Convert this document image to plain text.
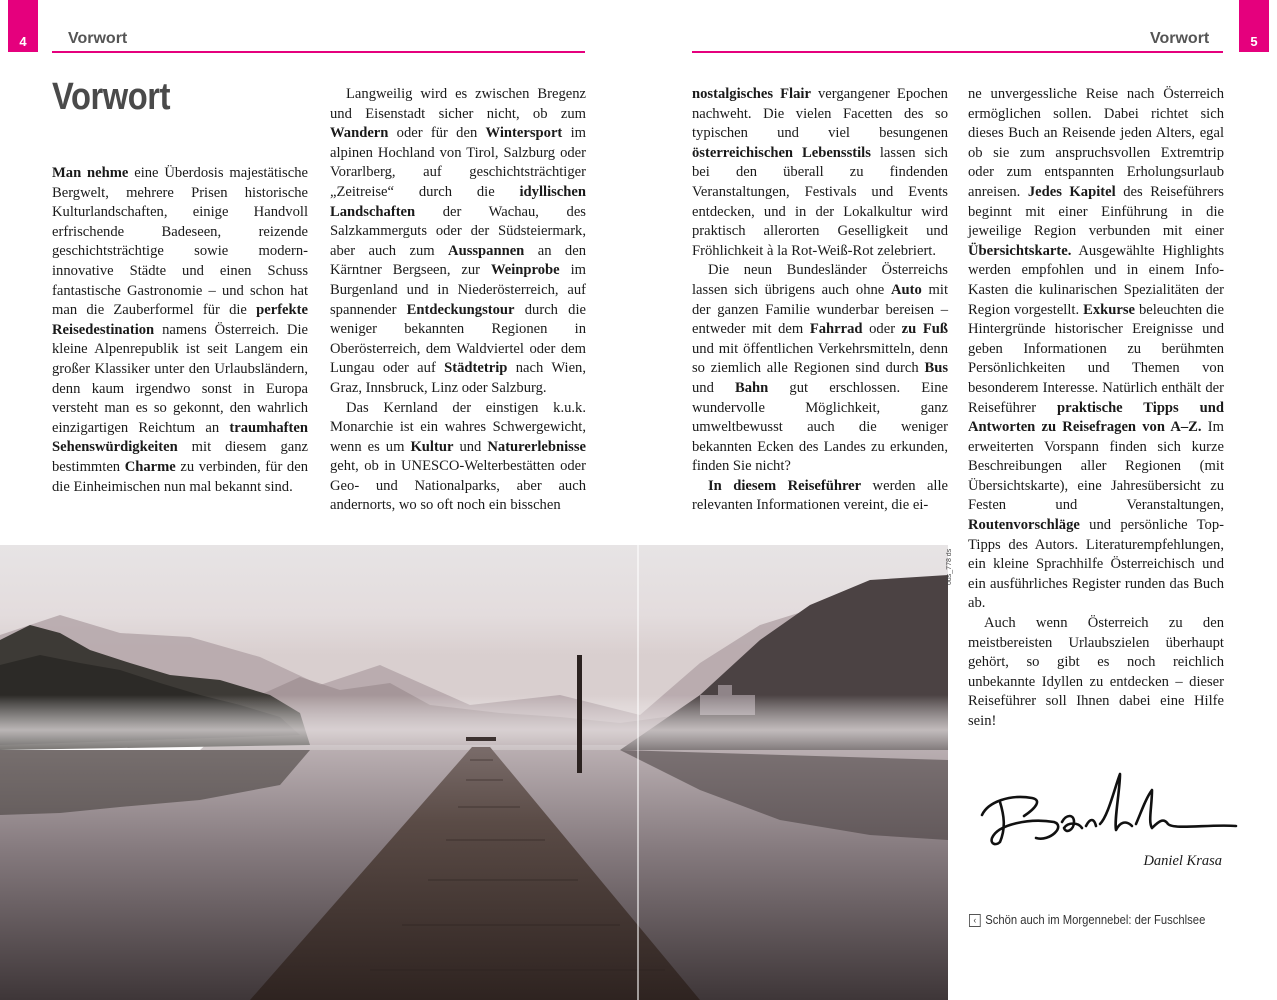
4	Vorwort	Vorwort	5
Vorwort

Man nehme eine Überdosis majestätische Bergwelt, mehrere Prisen historische Kulturlandschaften, einige Handvoll erfrischende Badeseen, reizende geschichtsträchtige sowie modern-innovative Städte und einen Schuss fantastische Gastronomie – und schon hat man die Zauberformel für die perfekte Reisedestination namens Österreich. Die kleine Alpenrepublik ist seit Langem ein großer Klassiker unter den Urlaubsländern, denn kaum irgendwo sonst in Europa versteht man es so gekonnt, den wahrlich einzigartigen Reichtum an traumhaften Sehenswürdigkeiten mit diesem ganz bestimmten Charme zu verbinden, für den die Einheimischen nun mal bekannt sind.

Langweilig wird es zwischen Bregenz und Eisenstadt sicher nicht, ob zum Wandern oder für den Wintersport im alpinen Hochland von Tirol, Salzburg oder Vorarlberg, auf geschichtsträchtiger „Zeitreise“ durch die idyllischen Landschaften der Wachau, des Salzkammerguts oder der Südsteiermark, aber auch zum Ausspannen an den Kärntner Bergseen, zur Weinprobe im Burgenland und in Niederösterreich, auf spannender Entdeckungstour durch die weniger bekannten Regionen in Oberösterreich, dem Waldviertel oder dem Lungau oder auf Städtetrip nach Wien, Graz, Innsbruck, Linz oder Salzburg.

Das Kernland der einstigen k.u.k. Monarchie ist ein wahres Schwergewicht, wenn es um Kultur und Naturerlebnisse geht, ob in UNESCO-Welterbestätten oder Geo- und Nationalparks, aber auch andernorts, wo so oft noch ein bisschen

nostalgisches Flair vergangener Epochen nachweht. Die vielen Facetten des so typischen und viel besungenen österreichischen Lebensstils lassen sich bei den überall zu findenden Veranstaltungen, Festivals und Events entdecken, und in der Lokalkultur wird praktisch allerorten Geselligkeit und Fröhlichkeit à la Rot-Weiß-Rot zelebriert.

Die neun Bundesländer Österreichs lassen sich übrigens auch ohne Auto mit der ganzen Familie wunderbar bereisen – entweder mit dem Fahrrad oder zu Fuß und mit öffentlichen Verkehrsmitteln, denn so ziemlich alle Regionen sind durch Bus und Bahn gut erschlossen. Eine wundervolle Möglichkeit, ganz umweltbewusst auch die weniger bekannten Ecken des Landes zu erkunden, finden Sie nicht?

In diesem Reiseführer werden alle relevanten Informationen vereint, die ei-

ne unvergessliche Reise nach Österreich ermöglichen sollen. Dabei richtet sich dieses Buch an Reisende jeden Alters, egal ob sie zum anspruchsvollen Extremtrip oder zum entspannten Erholungsurlaub anreisen. Jedes Kapitel des Reiseführers beginnt mit einer Einführung in die jeweilige Region verbunden mit einer Übersichtskarte. Ausgewählte Highlights werden empfohlen und in einem Info-Kasten die kulinarischen Spezialitäten der Region vorgestellt. Exkurse beleuchten die Hintergründe historischer Ereignisse und geben Informationen zu berühmten Persönlichkeiten und Themen von besonderem Interesse. Natürlich enthält der Reiseführer praktische Tipps und Antworten zu Reisefragen von A–Z. Im erweiterten Vorspann finden sich kurze Beschreibungen aller Regionen (mit Übersichtskarte), eine Jahresübersicht zu Festen und Veranstaltungen, Routenvorschläge und persönliche Top-Tipps des Autors. Literaturempfehlungen, ein kleine Sprachhilfe Österreichisch und ein ausführliches Register runden das Buch ab.

Auch wenn Österreich zu den meistbereisten Urlaubszielen überhaupt gehört, so gibt es noch reichlich unbekannte Idyllen zu entdecken – dieser Reiseführer soll Ihnen dabei eine Hilfe sein!

ods_778 ds
Daniel Krasa
‹ Schön auch im Morgennebel: der Fuschlsee
